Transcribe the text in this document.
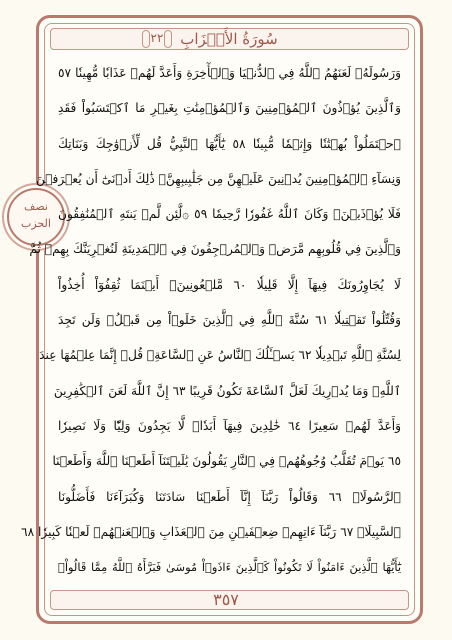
٢٢	سُورَةُ الأَحۡزَابِ
نصف الحزب
وَرَسُولَهُۥ لَعَنَهُمُ ٱللَّهُ فِي ٱلدُّنۡيَا وَٱلۡأٓخِرَةِ وَأَعَدَّ لَهُمۡ عَذَابٗا مُّهِينٗا ٥٧
وَٱلَّذِينَ يُؤۡذُونَ ٱلۡمُؤۡمِنِينَ وَٱلۡمُؤۡمِنَٰتِ بِغَيۡرِ مَا ٱكۡتَسَبُواْ فَقَدِ
ٱحۡتَمَلُواْ بُهۡتَٰنٗا وَإِثۡمٗا مُّبِينٗا ٥٨ يَٰٓأَيُّهَا ٱلنَّبِيُّ قُل لِّأَزۡوَٰجِكَ وَبَنَاتِكَ
وَنِسَآءِ ٱلۡمُؤۡمِنِينَ يُدۡنِينَ عَلَيۡهِنَّ مِن جَلَٰبِيبِهِنَّۚ ذَٰلِكَ أَدۡنَىٰٓ أَن يُعۡرَفۡنَ
فَلَا يُؤۡذَيۡنَۗ وَكَانَ ٱللَّهُ غَفُورٗا رَّحِيمٗا ٥٩ ۞لَّئِن لَّمۡ يَنتَهِ ٱلۡمُنَٰفِقُونَ
وَٱلَّذِينَ فِي قُلُوبِهِم مَّرَضٞ وَٱلۡمُرۡجِفُونَ فِي ٱلۡمَدِينَةِ لَنُغۡرِيَنَّكَ بِهِمۡ ثُمَّ
لَا يُجَاوِرُونَكَ فِيهَآ إِلَّا قَلِيلٗا ٦٠ مَّلۡعُونِينَۖ أَيۡنَمَا ثُقِفُوٓاْ أُخِذُواْ
وَقُتِّلُواْ تَقۡتِيلٗا ٦١ سُنَّةَ ٱللَّهِ فِي ٱلَّذِينَ خَلَوۡاْ مِن قَبۡلُۖ وَلَن تَجِدَ
لِسُنَّةِ ٱللَّهِ تَبۡدِيلٗا ٦٢ يَسۡـَٔلُكَ ٱلنَّاسُ عَنِ ٱلسَّاعَةِۖ قُلۡ إِنَّمَا عِلۡمُهَا عِندَ
ٱللَّهِۚ وَمَا يُدۡرِيكَ لَعَلَّ ٱلسَّاعَةَ تَكُونُ قَرِيبًا ٦٣ إِنَّ ٱللَّهَ لَعَنَ ٱلۡكَٰفِرِينَ
وَأَعَدَّ لَهُمۡ سَعِيرًا ٦٤ خَٰلِدِينَ فِيهَآ أَبَدٗاۖ لَّا يَجِدُونَ وَلِيّٗا وَلَا نَصِيرٗا
٦٥ يَوۡمَ تُقَلَّبُ وُجُوهُهُمۡ فِي ٱلنَّارِ يَقُولُونَ يَٰلَيۡتَنَآ أَطَعۡنَا ٱللَّهَ وَأَطَعۡنَا
ٱلرَّسُولَا۠ ٦٦ وَقَالُواْ رَبَّنَآ إِنَّآ أَطَعۡنَا سَادَتَنَا وَكُبَرَآءَنَا فَأَضَلُّونَا
ٱلسَّبِيلَا۠ ٦٧ رَبَّنَآ ءَاتِهِمۡ ضِعۡفَيۡنِ مِنَ ٱلۡعَذَابِ وَٱلۡعَنۡهُمۡ لَعۡنٗا كَبِيرٗا ٦٨
يَٰٓأَيُّهَا ٱلَّذِينَ ءَامَنُواْ لَا تَكُونُواْ كَٱلَّذِينَ ءَاذَوۡاْ مُوسَىٰ فَبَرَّأَهُ ٱللَّهُ مِمَّا قَالُواْۚ
٣٥٧
